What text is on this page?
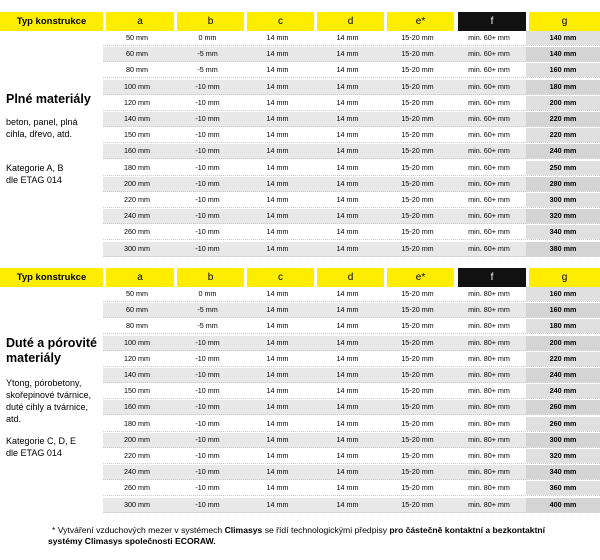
Typ konstrukce	a	b	c	d	e*	f	g
Plné materiály
beton, panel, plná
cihla, dřevo, atd.
Kategorie A, B
dle ETAG 014
50 mm	0 mm	14 mm	14 mm	15-20 mm	min. 60+ mm	140 mm
60 mm	-5 mm	14 mm	14 mm	15-20 mm	min. 60+ mm	140 mm
80 mm	-5 mm	14 mm	14 mm	15-20 mm	min. 60+ mm	160 mm
100 mm	-10 mm	14 mm	14 mm	15-20 mm	min. 60+ mm	180 mm
120 mm	-10 mm	14 mm	14 mm	15-20 mm	min. 60+ mm	200 mm
140 mm	-10 mm	14 mm	14 mm	15-20 mm	min. 60+ mm	220 mm
150 mm	-10 mm	14 mm	14 mm	15-20 mm	min. 60+ mm	220 mm
160 mm	-10 mm	14 mm	14 mm	15-20 mm	min. 60+ mm	240 mm
180 mm	-10 mm	14 mm	14 mm	15-20 mm	min. 60+ mm	250 mm
200 mm	-10 mm	14 mm	14 mm	15-20 mm	min. 60+ mm	280 mm
220 mm	-10 mm	14 mm	14 mm	15-20 mm	min. 60+ mm	300 mm
240 mm	-10 mm	14 mm	14 mm	15-20 mm	min. 60+ mm	320 mm
260 mm	-10 mm	14 mm	14 mm	15-20 mm	min. 60+ mm	340 mm
300 mm	-10 mm	14 mm	14 mm	15-20 mm	min. 60+ mm	380 mm
Typ konstrukce	a	b	c	d	e*	f	g
Duté a pórovité
materiály
Ytong, pórobetony,
skořepinové tvárnice,
duté cihly a tvárnice,
atd.
Kategorie C, D, E
dle ETAG 014
50 mm	0 mm	14 mm	14 mm	15-20 mm	min. 80+ mm	160 mm
60 mm	-5 mm	14 mm	14 mm	15-20 mm	min. 80+ mm	160 mm
80 mm	-5 mm	14 mm	14 mm	15-20 mm	min. 80+ mm	180 mm
100 mm	-10 mm	14 mm	14 mm	15-20 mm	min. 80+ mm	200 mm
120 mm	-10 mm	14 mm	14 mm	15-20 mm	min. 80+ mm	220 mm
140 mm	-10 mm	14 mm	14 mm	15-20 mm	min. 80+ mm	240 mm
150 mm	-10 mm	14 mm	14 mm	15-20 mm	min. 80+ mm	240 mm
160 mm	-10 mm	14 mm	14 mm	15-20 mm	min. 80+ mm	260 mm
180 mm	-10 mm	14 mm	14 mm	15-20 mm	min. 80+ mm	260 mm
200 mm	-10 mm	14 mm	14 mm	15-20 mm	min. 80+ mm	300 mm
220 mm	-10 mm	14 mm	14 mm	15-20 mm	min. 80+ mm	320 mm
240 mm	-10 mm	14 mm	14 mm	15-20 mm	min. 80+ mm	340 mm
260 mm	-10 mm	14 mm	14 mm	15-20 mm	min. 80+ mm	360 mm
300 mm	-10 mm	14 mm	14 mm	15-20 mm	min. 80+ mm	400 mm
* Vytváření vzduchových mezer v systémech Climasys se řídí technologickými předpisy pro částečně kontaktní a bezkontaktní
systémy Climasys společnosti ECORAW.
